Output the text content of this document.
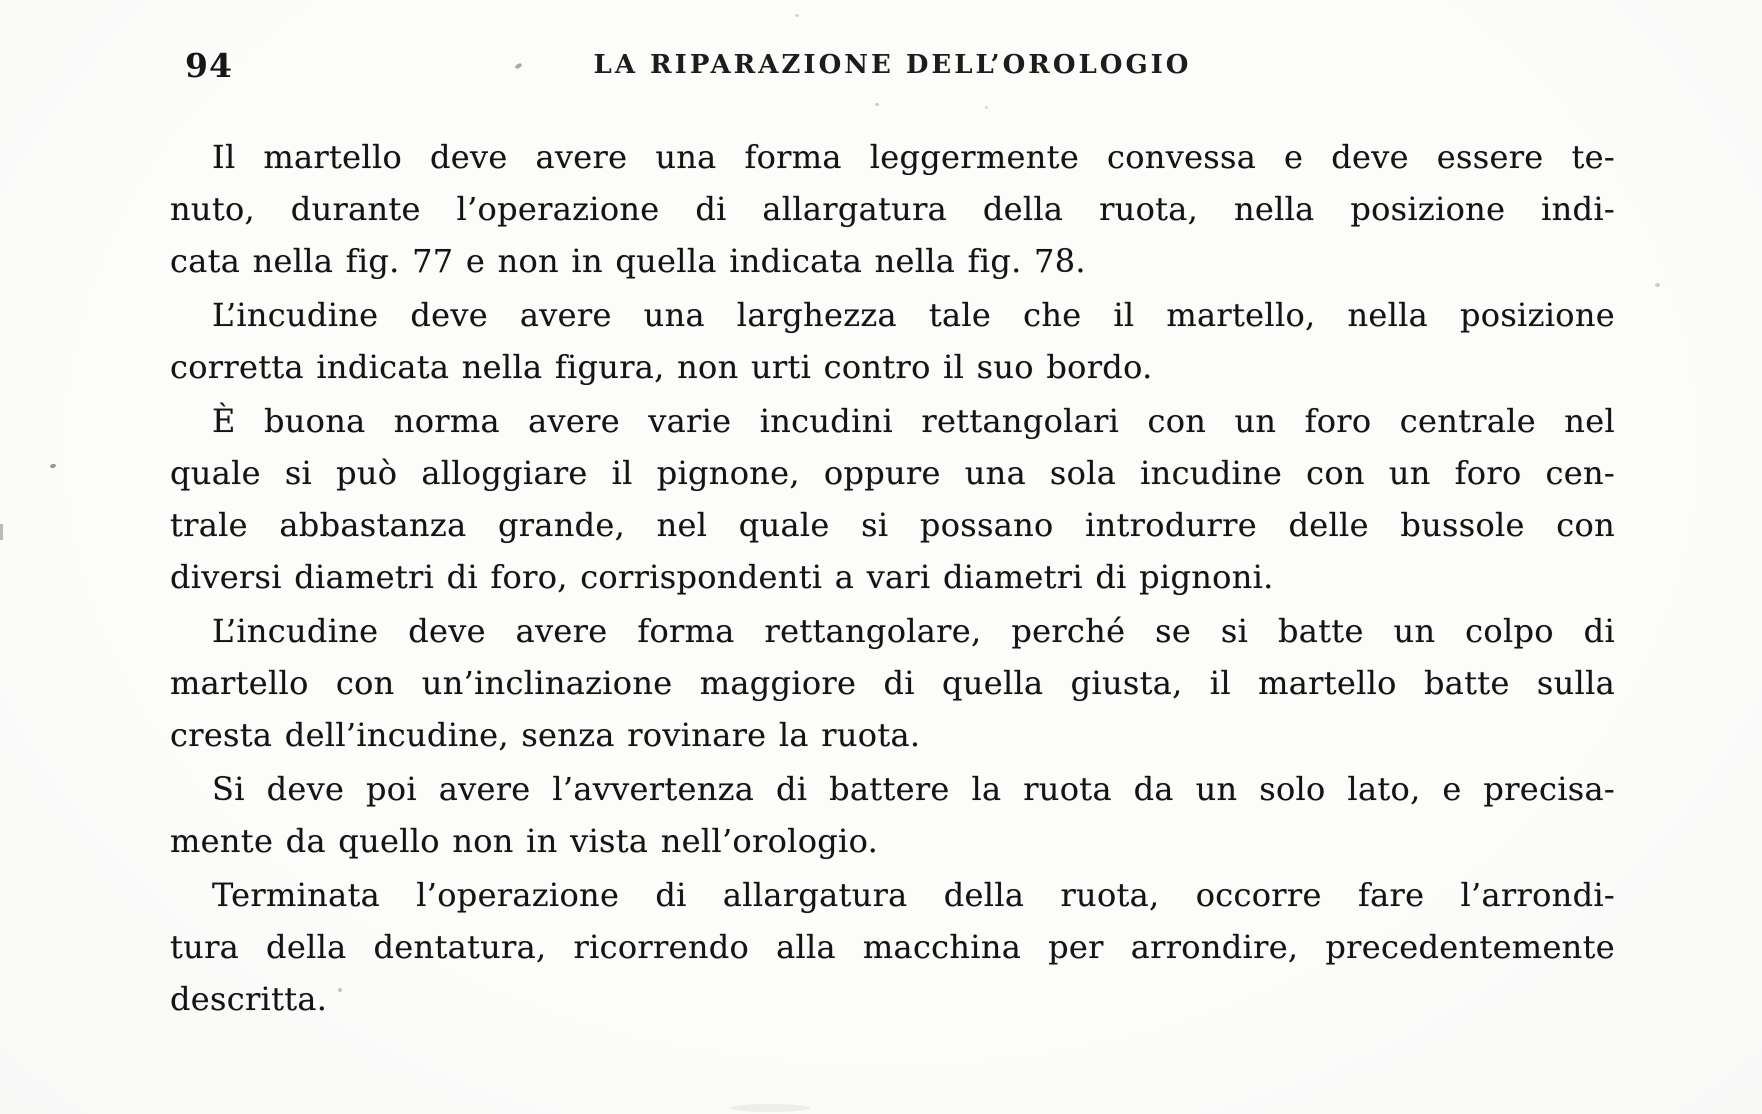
94	LA RIPARAZIONE DELL’OROLOGIO
Il martello deve avere una forma leggermente convessa e deve essere te-
nuto, durante l’operazione di allargatura della ruota, nella posizione indi-
cata nella fig. 77 e non in quella indicata nella fig. 78.
L’incudine deve avere una larghezza tale che il martello, nella posizione
corretta indicata nella figura, non urti contro il suo bordo.
È buona norma avere varie incudini rettangolari con un foro centrale nel
quale si può alloggiare il pignone, oppure una sola incudine con un foro cen-
trale abbastanza grande, nel quale si possano introdurre delle bussole con
diversi diametri di foro, corrispondenti a vari diametri di pignoni.
L’incudine deve avere forma rettangolare, perché se si batte un colpo di
martello con un’inclinazione maggiore di quella giusta, il martello batte sulla
cresta dell’incudine, senza rovinare la ruota.
Si deve poi avere l’avvertenza di battere la ruota da un solo lato, e precisa-
mente da quello non in vista nell’orologio.
Terminata l’operazione di allargatura della ruota, occorre fare l’arrondi-
tura della dentatura, ricorrendo alla macchina per arrondire, precedentemente
descritta.
